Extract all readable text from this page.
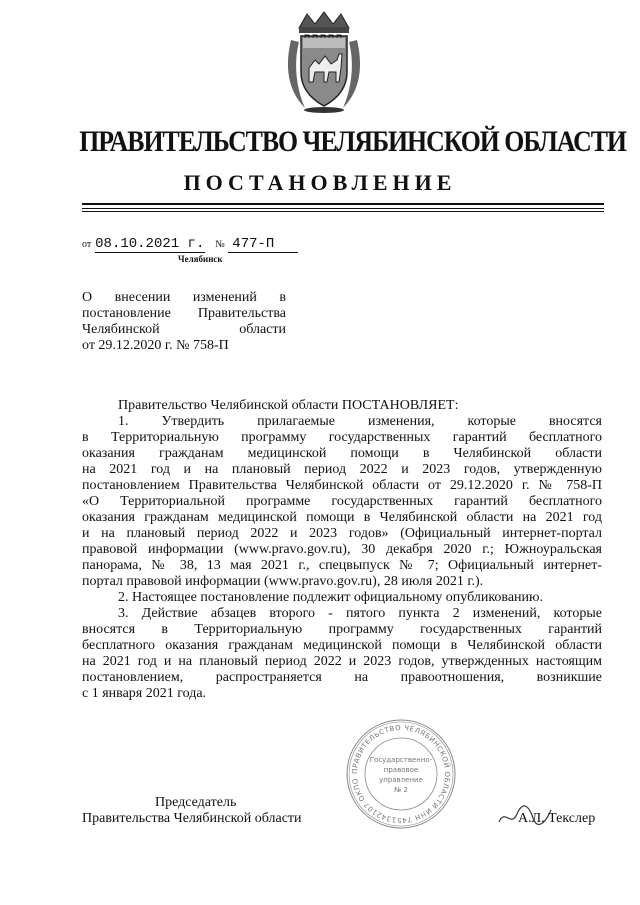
ПРАВИТЕЛЬСТВО ЧЕЛЯБИНСКОЙ ОБЛАСТИ
ПОСТАНОВЛЕНИЕ
от 08.10.2021 г. № 477-П
Челябинск
О внесении изменений в
постановление Правительства
Челябинской области
от 29.12.2020 г. № 758-П
Правительство Челябинской области ПОСТАНОВЛЯЕТ:
1. Утвердить прилагаемые изменения, которые вносятся
в Территориальную программу государственных гарантий бесплатного
оказания гражданам медицинской помощи в Челябинской области
на 2021 год и на плановый период 2022 и 2023 годов, утвержденную
постановлением Правительства Челябинской области от 29.12.2020 г. № 758-П
«О Территориальной программе государственных гарантий бесплатного
оказания гражданам медицинской помощи в Челябинской области на 2021 год
и на плановый период 2022 и 2023 годов» (Официальный интернет-портал
правовой информации (www.pravo.gov.ru), 30 декабря 2020 г.; Южноуральская
панорама, № 38, 13 мая 2021 г., спецвыпуск № 7; Официальный интернет-
портал правовой информации (www.pravo.gov.ru), 28 июля 2021 г.).
2. Настоящее постановление подлежит официальному опубликованию.
3. Действие абзацев второго - пятого пункта 2 изменений, которые
вносятся в Территориальную программу государственных гарантий
бесплатного оказания гражданам медицинской помощи в Челябинской области
на 2021 год и на плановый период 2022 и 2023 годов, утвержденных настоящим
постановлением, распространяется на правоотношения, возникшие
с 1 января 2021 года.
ПРАВИТЕЛЬСТВО ЧЕЛЯБИНСКОЙ ОБЛАСТИ ИНН 7451342107 ОКПО
Государственно-
правовое
управление
№ 2
Председатель
Правительства Челябинской области	А.Л. Текслер
